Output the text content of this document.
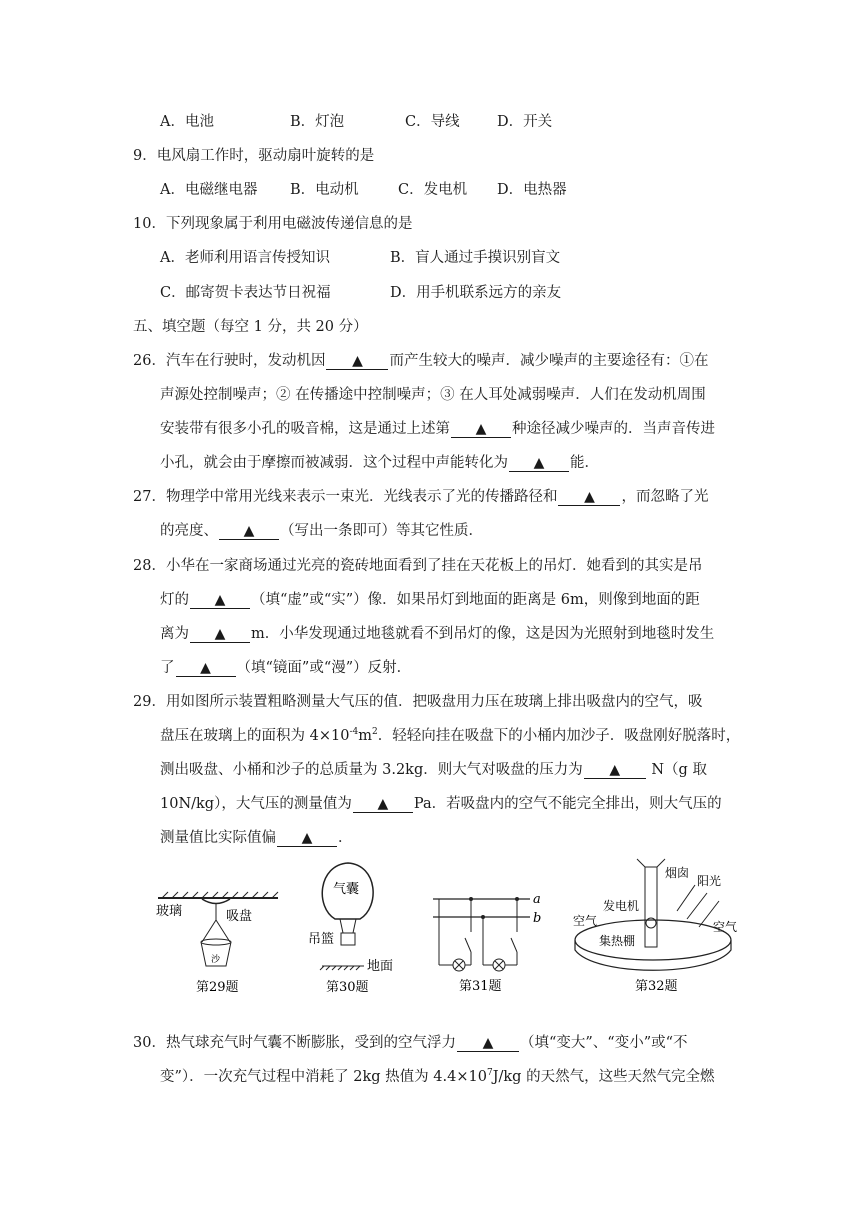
A．电池	B．灯泡	C．导线	D．开关
9．电风扇工作时，驱动扇叶旋转的是
A．电磁继电器 B．电动机	C．发电机 D．电热器
10．下列现象属于利用电磁波传递信息的是
A．老师利用语言传授知识	B．盲人通过手摸识别盲文
C．邮寄贺卡表达节日祝福	D．用手机联系远方的亲友
五、填空题（每空 1 分，共 20 分）
26．汽车在行驶时，发动机因 ▲ 而产生较大的噪声．减少噪声的主要途径有：①在
声源处控制噪声；② 在传播途中控制噪声；③ 在人耳处减弱噪声．人们在发动机周围
安装带有很多小孔的吸音棉，这是通过上述第 ▲ 种途径减少噪声的．当声音传进
小孔，就会由于摩擦而被减弱．这个过程中声能转化为 ▲ 能．
27．物理学中常用光线来表示一束光．光线表示了光的传播路径和 ▲ ，而忽略了光
的亮度、 ▲ （写出一条即可）等其它性质．
28．小华在一家商场通过光亮的瓷砖地面看到了挂在天花板上的吊灯．她看到的其实是吊
灯的 ▲ （填“虚”或“实”）像．如果吊灯到地面的距离是 6m，则像到地面的距
离为 ▲ m．小华发现通过地毯就看不到吊灯的像，这是因为光照射到地毯时发生
了 ▲ （填“镜面”或“漫”）反射．
29．用如图所示装置粗略测量大气压的值．把吸盘用力压在玻璃上排出吸盘内的空气，吸
盘压在玻璃上的面积为 $4\times 10^{-4}m^2$．轻轻向挂在吸盘下的小桶内加沙子．吸盘刚好脱落时，
测出吸盘、小桶和沙子的总质量为 3.2kg．则大气对吸盘的压力为 ▲ N（g 取
10N/kg），大气压的测量值为 ▲ Pa．若吸盘内的空气不能完全排出，则大气压的
测量值比实际值偏 ▲ ．
玻璃	吸盘
沙
第29题
气囊
吊篮
地面
第30题
a
b
第31题
烟囱
阳光
发电机
空气	空气
集热棚
第32题
30．热气球充气时气囊不断膨胀，受到的空气浮力 ▲ （填“变大”、“变小”或“不
变”）．一次充气过程中消耗了 2kg 热值为 $4.4\times 10^7J/kg$ 的天然气，这些天然气完全燃
